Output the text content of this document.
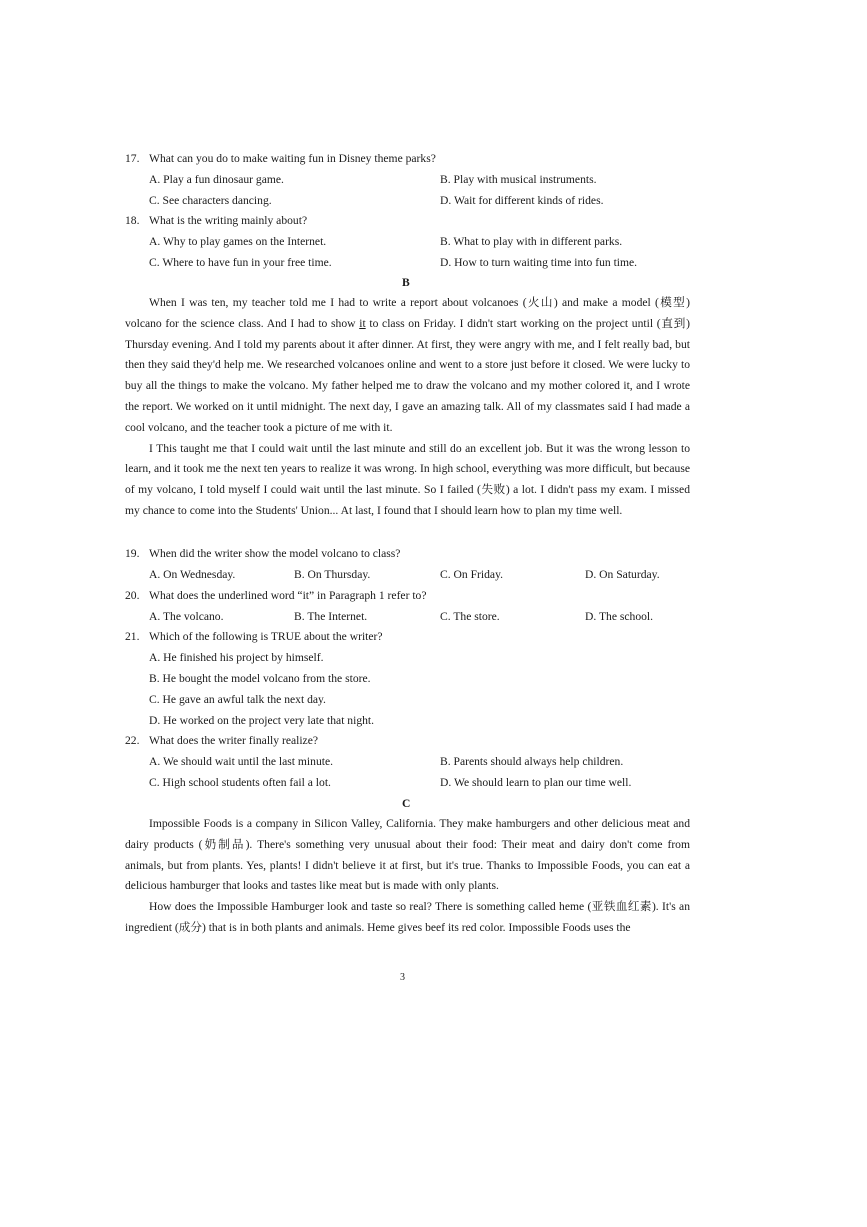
17. What can you do to make waiting fun in Disney theme parks?
A. Play a fun dinosaur game.	B. Play with musical instruments.
C. See characters dancing.	D. Wait for different kinds of rides.
18. What is the writing mainly about?
A. Why to play games on the Internet.	B. What to play with in different parks.
C. Where to have fun in your free time.	D. How to turn waiting time into fun time.
B

When I was ten, my teacher told me I had to write a report about volcanoes (火山) and make a model (模型) volcano for the science class. And I had to show it to class on Friday. I didn't start working on the project until (直到) Thursday evening. And I told my parents about it after dinner. At first, they were angry with me, and I felt really bad, but then they said they'd help me. We researched volcanoes online and went to a store just before it closed. We were lucky to buy all the things to make the volcano. My father helped me to draw the volcano and my mother colored it, and I wrote the report. We worked on it until midnight. The next day, I gave an amazing talk. All of my classmates said I had made a cool volcano, and the teacher took a picture of me with it.

I This taught me that I could wait until the last minute and still do an excellent job. But it was the wrong lesson to learn, and it took me the next ten years to realize it was wrong. In high school, everything was more difficult, but because of my volcano, I told myself I could wait until the last minute. So I failed (失败) a lot. I didn't pass my exam. I missed my chance to come into the Students' Union... At last, I found that I should learn how to plan my time well.

19. When did the writer show the model volcano to class?
A. On Wednesday.	B. On Thursday.	C. On Friday.	D. On Saturday.
20. What does the underlined word “it” in Paragraph 1 refer to?
A. The volcano.	B. The Internet.	C. The store.	D. The school.
21. Which of the following is TRUE about the writer?
A. He finished his project by himself.
B. He bought the model volcano from the store.
C. He gave an awful talk the next day.
D. He worked on the project very late that night.
22. What does the writer finally realize?
A. We should wait until the last minute.	B. Parents should always help children.
C. High school students often fail a lot.	D. We should learn to plan our time well.
C

Impossible Foods is a company in Silicon Valley, California. They make hamburgers and other delicious meat and dairy products (奶制品). There's something very unusual about their food: Their meat and dairy don't come from animals, but from plants. Yes, plants! I didn't believe it at first, but it's true. Thanks to Impossible Foods, you can eat a delicious hamburger that looks and tastes like meat but is made with only plants.

How does the Impossible Hamburger look and taste so real? There is something called heme (亚铁血红素). It's an ingredient (成分) that is in both plants and animals. Heme gives beef its red color. Impossible Foods uses the

3
